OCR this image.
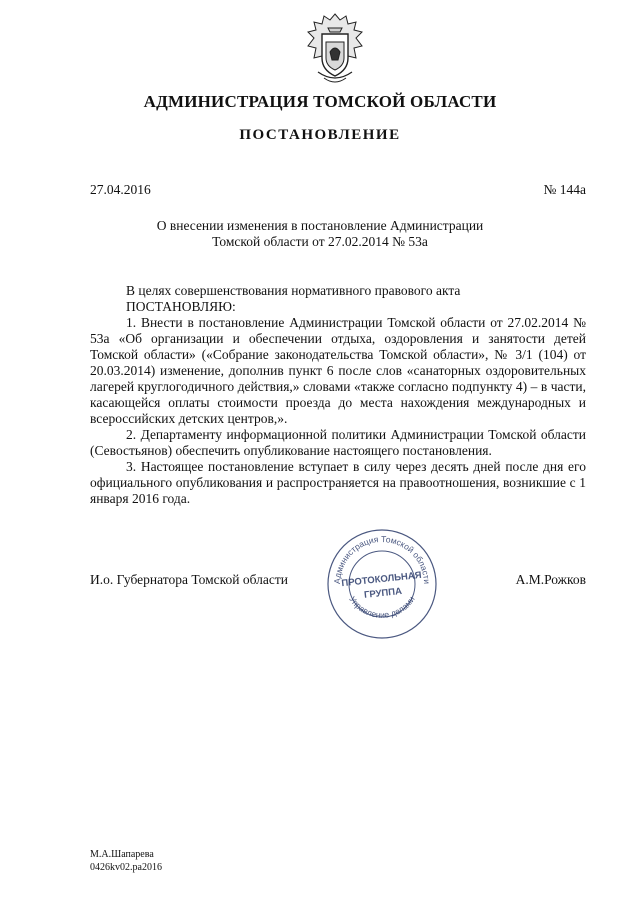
АДМИНИСТРАЦИЯ ТОМСКОЙ ОБЛАСТИ
ПОСТАНОВЛЕНИЕ
27.04.2016	№ 144а
О внесении изменения в постановление Администрации
Томской области от 27.02.2014 № 53а

В целях совершенствования нормативного правового акта

ПОСТАНОВЛЯЮ:

1. Внести в постановление Администрации Томской области от 27.02.2014 № 53а «Об организации и обеспечении отдыха, оздоровления и занятости детей Томской области» («Собрание законодательства Томской области», № 3/1 (104) от 20.03.2014) изменение, дополнив пункт 6 после слов «санаторных оздоровительных лагерей круглогодичного действия,» словами «также согласно подпункту 4) – в части, касающейся оплаты стоимости проезда до места нахождения международных и всероссийских детских центров,».

2. Департаменту информационной политики Администрации Томской области (Севостьянов) обеспечить опубликование настоящего постановления.

3. Настоящее постановление вступает в силу через десять дней после дня его официального опубликования и распространяется на правоотношения, возникшие с 1 января 2016 года.

И.о. Губернатора Томской области	А.М.Рожков
Администрация Томской области
Управление делами
ПРОТОКОЛЬНАЯ
ГРУППА
М.А.Шапарева
0426kv02.ра2016
